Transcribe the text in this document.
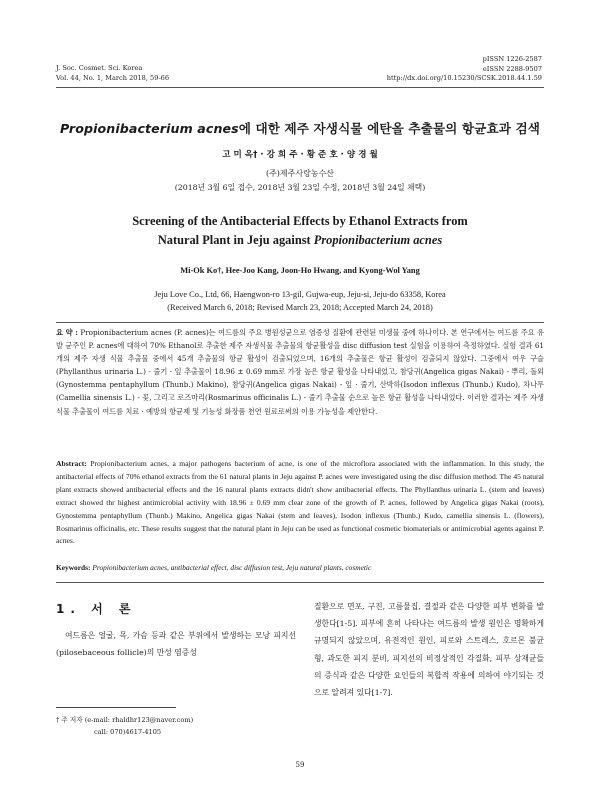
J. Soc. Cosmet. Sci. Korea
Vol. 44, No. 1, March 2018, 59-66
pISSN 1226-2587
eISSN 2288-9507
http://dx.doi.org/10.15230/SCSK.2018.44.1.59
Propionibacterium acnes에 대한 제주 자생식물 에탄올 추출물의 항균효과 검색
고 미 옥† · 강 희 주 · 황 준 호 · 양 경 월
(주)제주사랑농수산
(2018년 3월 6일 접수, 2018년 3월 23일 수정, 2018년 3월 24일 채택)
Screening of the Antibacterial Effects by Ethanol Extracts from
Natural Plant in Jeju against Propionibacterium acnes
Mi-Ok Ko†, Hee-Joo Kang, Joon-Ho Hwang, and Kyong-Wol Yang
Jeju Love Co., Ltd, 66, Haengwon-ro 13-gil, Gujwa-eup, Jeju-si, Jeju-do 63358, Korea
(Received March 6, 2018; Revised March 23, 2018; Accepted March 24, 2018)
요 약 : Propionibacterium acnes (P. acnes)는 여드름의 주요 병원성균으로 염증성 질환에 관련된 미생물 중에 하나이다. 본 연구에서는 여드름 주요 유발 균주인 P. acnes에 대하여 70% Ethanol로 추출한 제주 자생식물 추출물의 항균활성을 disc diffusion test 실험을 이용하여 측정하였다. 실험 결과 61개의 제주 자생 식물 추출물 중에서 45개 추출물의 항균 활성이 검출되었으며, 16개의 추출물은 항균 활성이 검출되지 않았다. 그중에서 여우 구슬(Phyllanthus urinaria L.) - 줄기 · 잎 추출물이 18.96 ± 0.69 mm로 가장 높은 항균 활성을 나타내었고, 참당귀(Angelica gigas Nakai) - 뿌리, 돌외(Gynostemma pentaphyllum (Thunb.) Makino), 참당귀(Angelica gigas Nakai) - 잎 · 줄기, 산박하(Isodon inflexus (Thunb.) Kudo), 차나무(Camellia sinensis L.) - 꽃, 그리고 로즈마리(Rosmarinus officinalis L.) - 줄기 추출물 순으로 높은 항균 활성을 나타내었다. 이러한 결과는 제주 자생 식물 추출물이 여드름 치료 · 예방의 항균제 및 기능성 화장품 천연 원료로써의 이용 가능성을 제안한다.
Abstract: Propionibacterium acnes, a major pathogens bacterium of acne, is one of the microflora associated with the inflammation. In this study, the antibacterial effects of 70% ethanol extracts from the 61 natural plants in Jeju against P. acnes were investigated using the disc diffusion method. The 45 natural plant extracts showed antibacterial effects and the 16 natural plants extracts didn't show antibacterial effects. The Phyllanthus urinaria L. (stem and leaves) extract showed thr highest antimicrobial activity with 18.96 ± 0.69 mm clear zone of the growth of P. acnes, followed by Angelica gigas Nakai (roots), Gynostemma pentaphyllum (Thunb.) Makino, Angelica gigas Nakai (stem and leaves), Isodon inflexus (Thunb.) Kudo, camellia sinensis L. (flowers), Rosmarinus officinalis, etc. These results suggest that the natural plant in Jeju can be used as functional cosmetic biomaterials or antimicrobial agents against P. acnes.
Keywords: Propionibacterium acnes, antibacterial effect, disc diffusion test, Jeju natural plants, cosmetic
1. 서 론

여드름은 얼굴, 목, 가슴 등과 같은 부위에서 발생하는 모낭 피지선(pilosebaceous follicle)의 만성 염증성

질환으로 면포, 구진, 고름물집, 결절과 같은 다양한 피부 변화를 발생한다[1-5]. 피부에 흔히 나타나는 여드름의 발생 원인은 명확하게 규명되지 않았으며, 유전적인 원인, 피로와 스트레스, 호르몬 불균형, 과도한 피지 분비, 피지선의 비정상적인 각질화, 피부 상재균들의 증식과 같은 다양한 요인들의 복합적 작용에 의하여 야기되는 것으로 알려져 있다[1-7].
† 주 저자 (e-mail: rhaldhr123@naver.com)
call: 070)4617-4105
59
